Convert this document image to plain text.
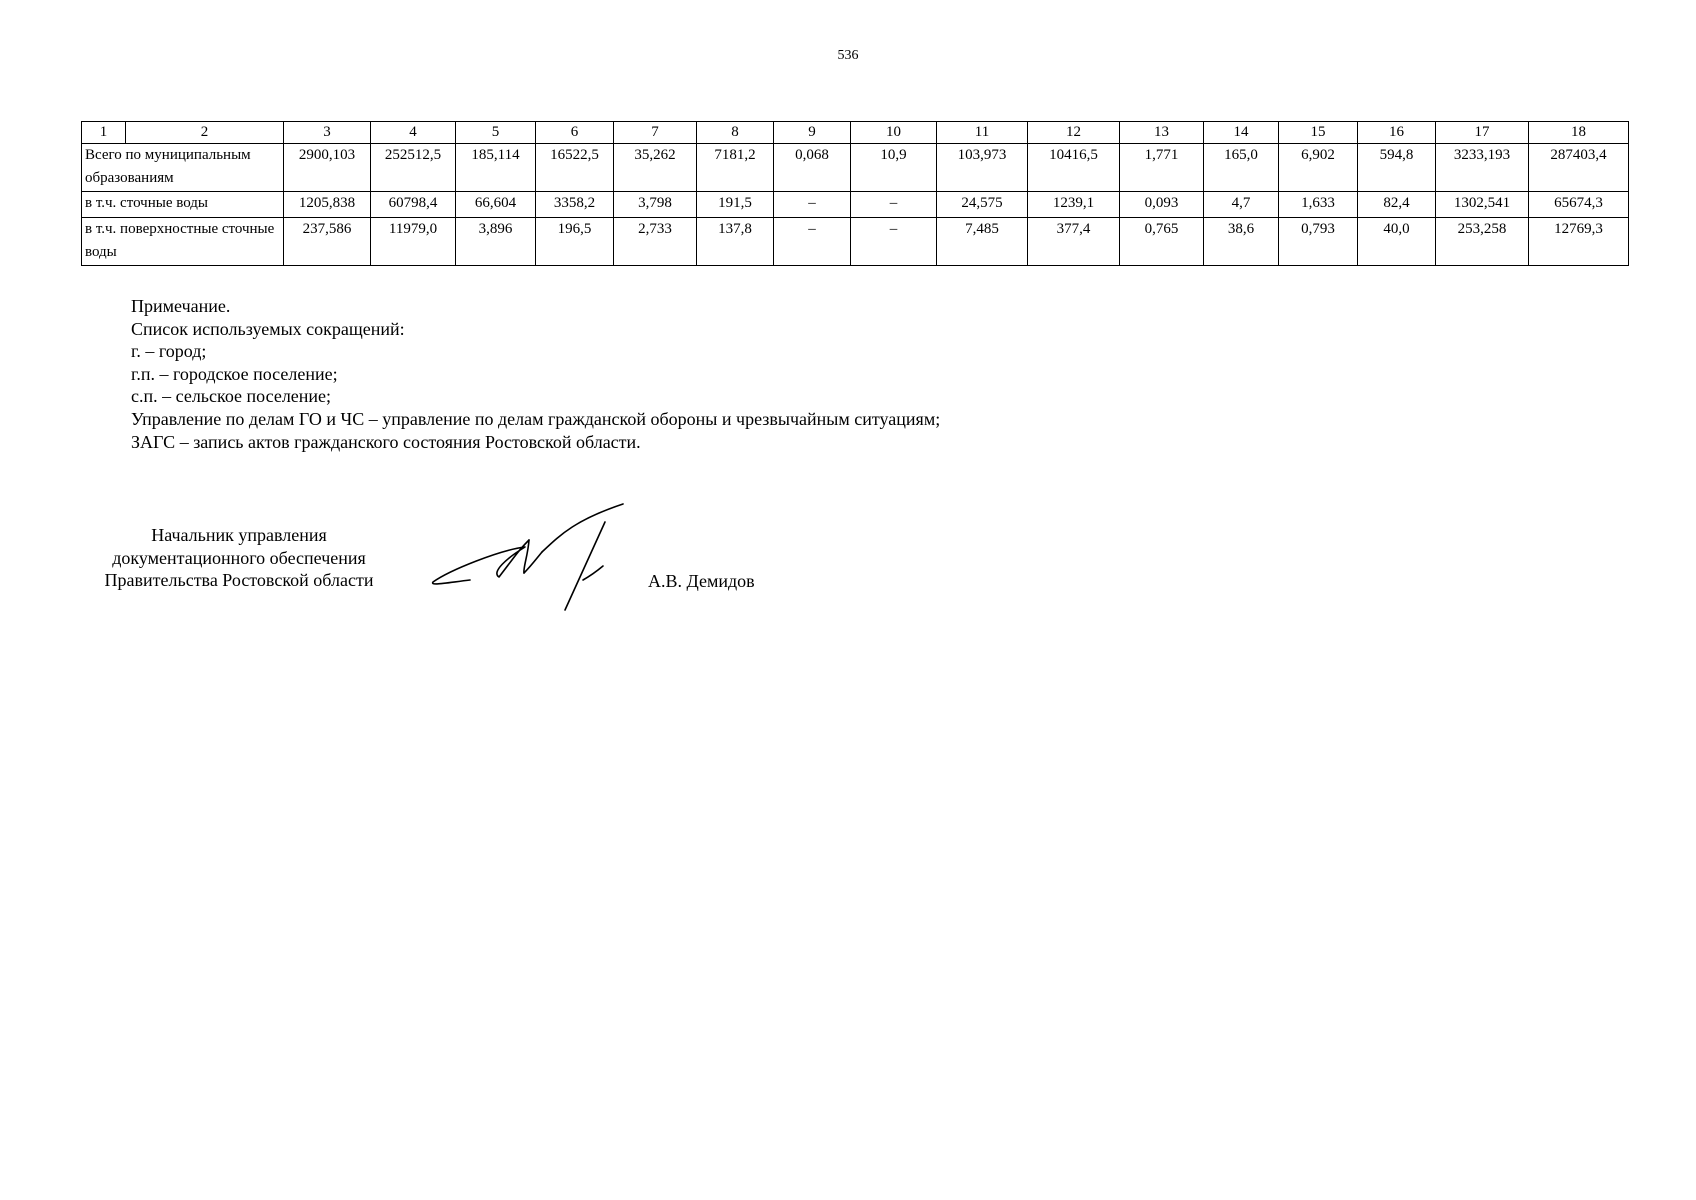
536
1	2	3	4	5	6	7	8	9	10	11	12	13	14	15	16	17	18
Всего по муниципальным образованиям		2900,103	252512,5	185,114	16522,5	35,262	7181,2	0,068	10,9	103,973	10416,5	1,771	165,0	6,902	594,8	3233,193	287403,4
в т.ч. сточные воды		1205,838	60798,4	66,604	3358,2	3,798	191,5	–	–	24,575	1239,1	0,093	4,7	1,633	82,4	1302,541	65674,3
в т.ч. поверхностные сточные воды		237,586	11979,0	3,896	196,5	2,733	137,8	–	–	7,485	377,4	0,765	38,6	0,793	40,0	253,258	12769,3
Примечание.
Список используемых сокращений:
г. – город;
г.п. – городское поселение;
с.п. – сельское поселение;
Управление по делам ГО и ЧС – управление по делам гражданской обороны и чрезвычайным ситуациям;
ЗАГС – запись актов гражданского состояния Ростовской области.
Начальник управления
документационного обеспечения
Правительства Ростовской области	А.В. Демидов
